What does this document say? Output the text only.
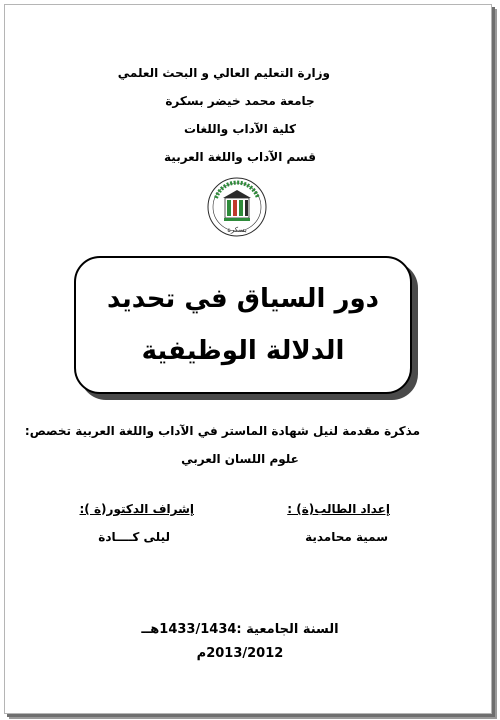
وزارة التعليم العالي و البحث العلمي
جامعة محمد خيضر بسكرة
كلية الآداب واللغات
قسم الآداب واللغة العربية
بسكرة
دور السياق في تحديد
الدلالة الوظيفية
مذكرة مقدمة لنيل شهادة الماستر في الآداب واللغة العربية تخصص:
علوم اللسان العربي
إعداد الطالب(ة) :
سمية محامدية
إشراف الدكتور(ة ):
ليلى كــــادة
السنة الجامعية :1433/1434هــ
2013/2012م
